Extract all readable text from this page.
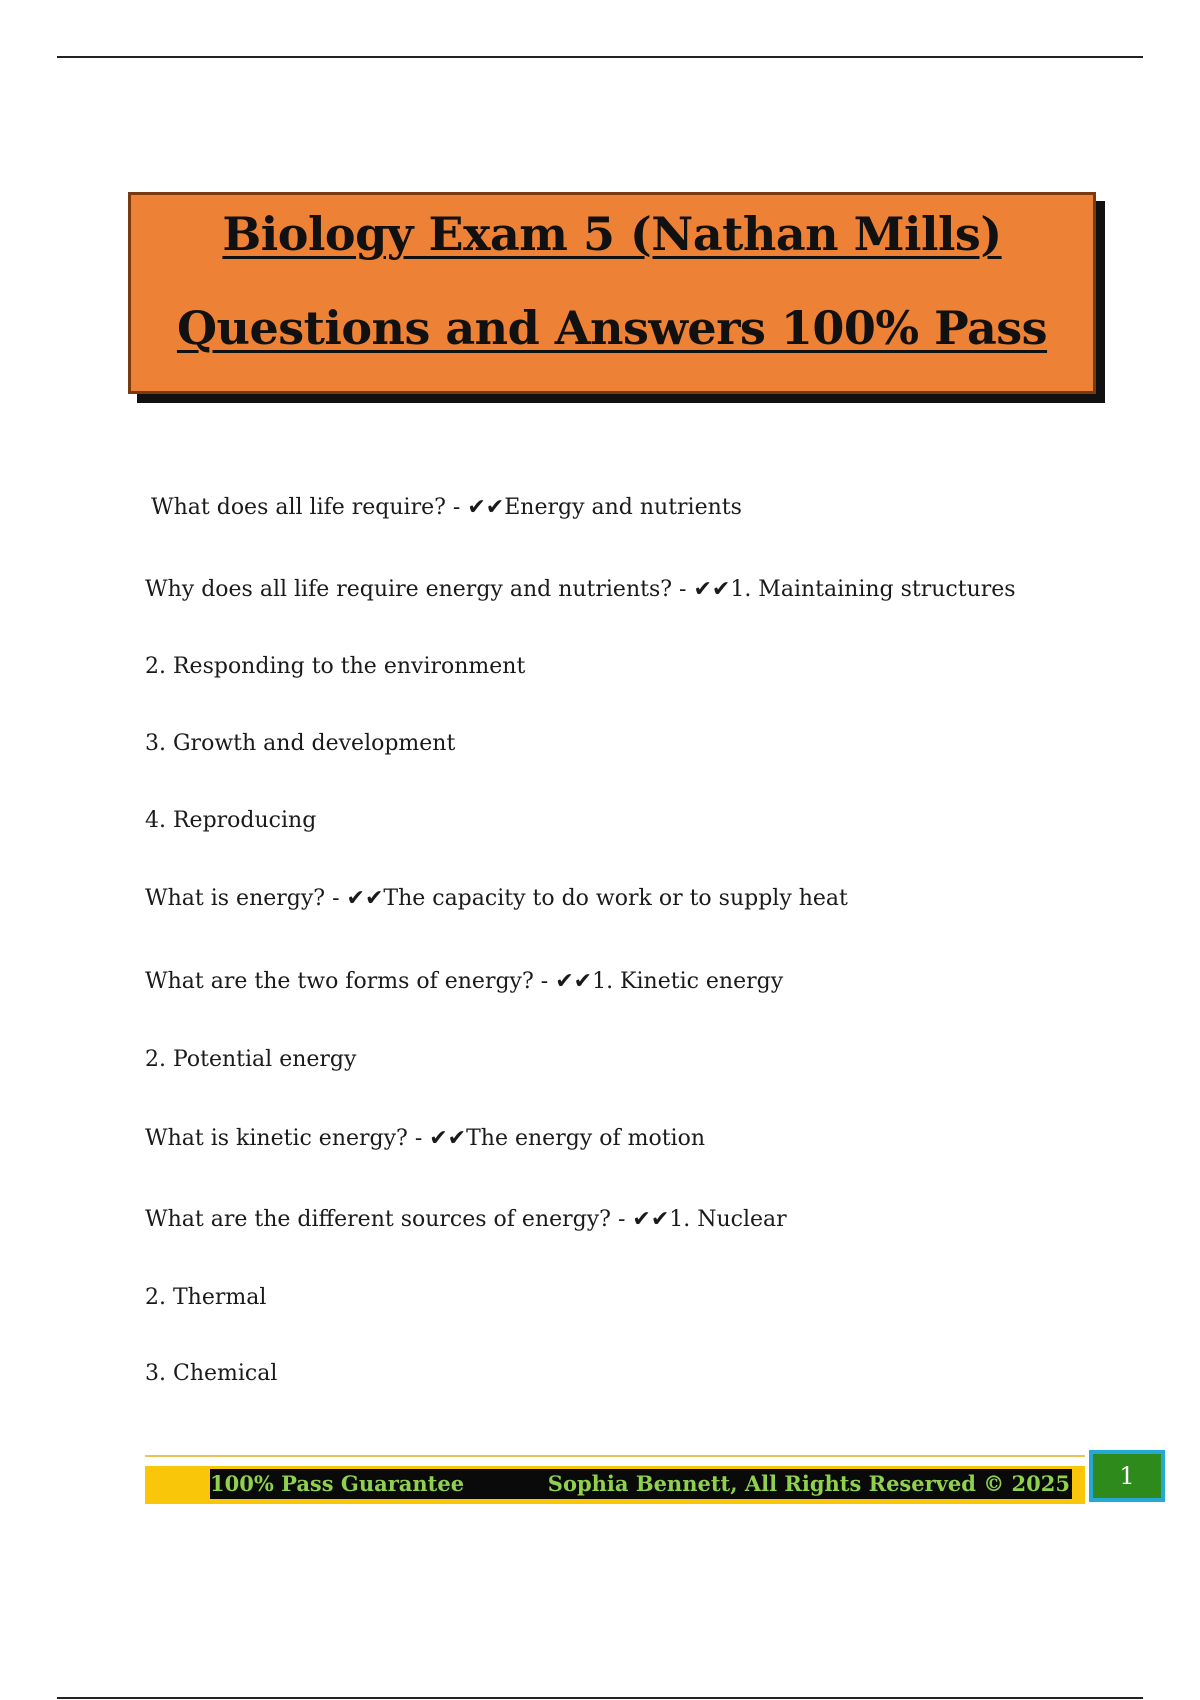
Biology Exam 5 (Nathan Mills)
Questions and Answers 100% Pass
What does all life require? - ✔✔Energy and nutrients
Why does all life require energy and nutrients? - ✔✔1. Maintaining structures
2. Responding to the environment
3. Growth and development
4. Reproducing
What is energy? - ✔✔The capacity to do work or to supply heat
What are the two forms of energy? - ✔✔1. Kinetic energy
2. Potential energy
What is kinetic energy? - ✔✔The energy of motion
What are the different sources of energy? - ✔✔1. Nuclear
2. Thermal
3. Chemical
100% Pass Guarantee	Sophia Bennett, All Rights Reserved © 2025	1
